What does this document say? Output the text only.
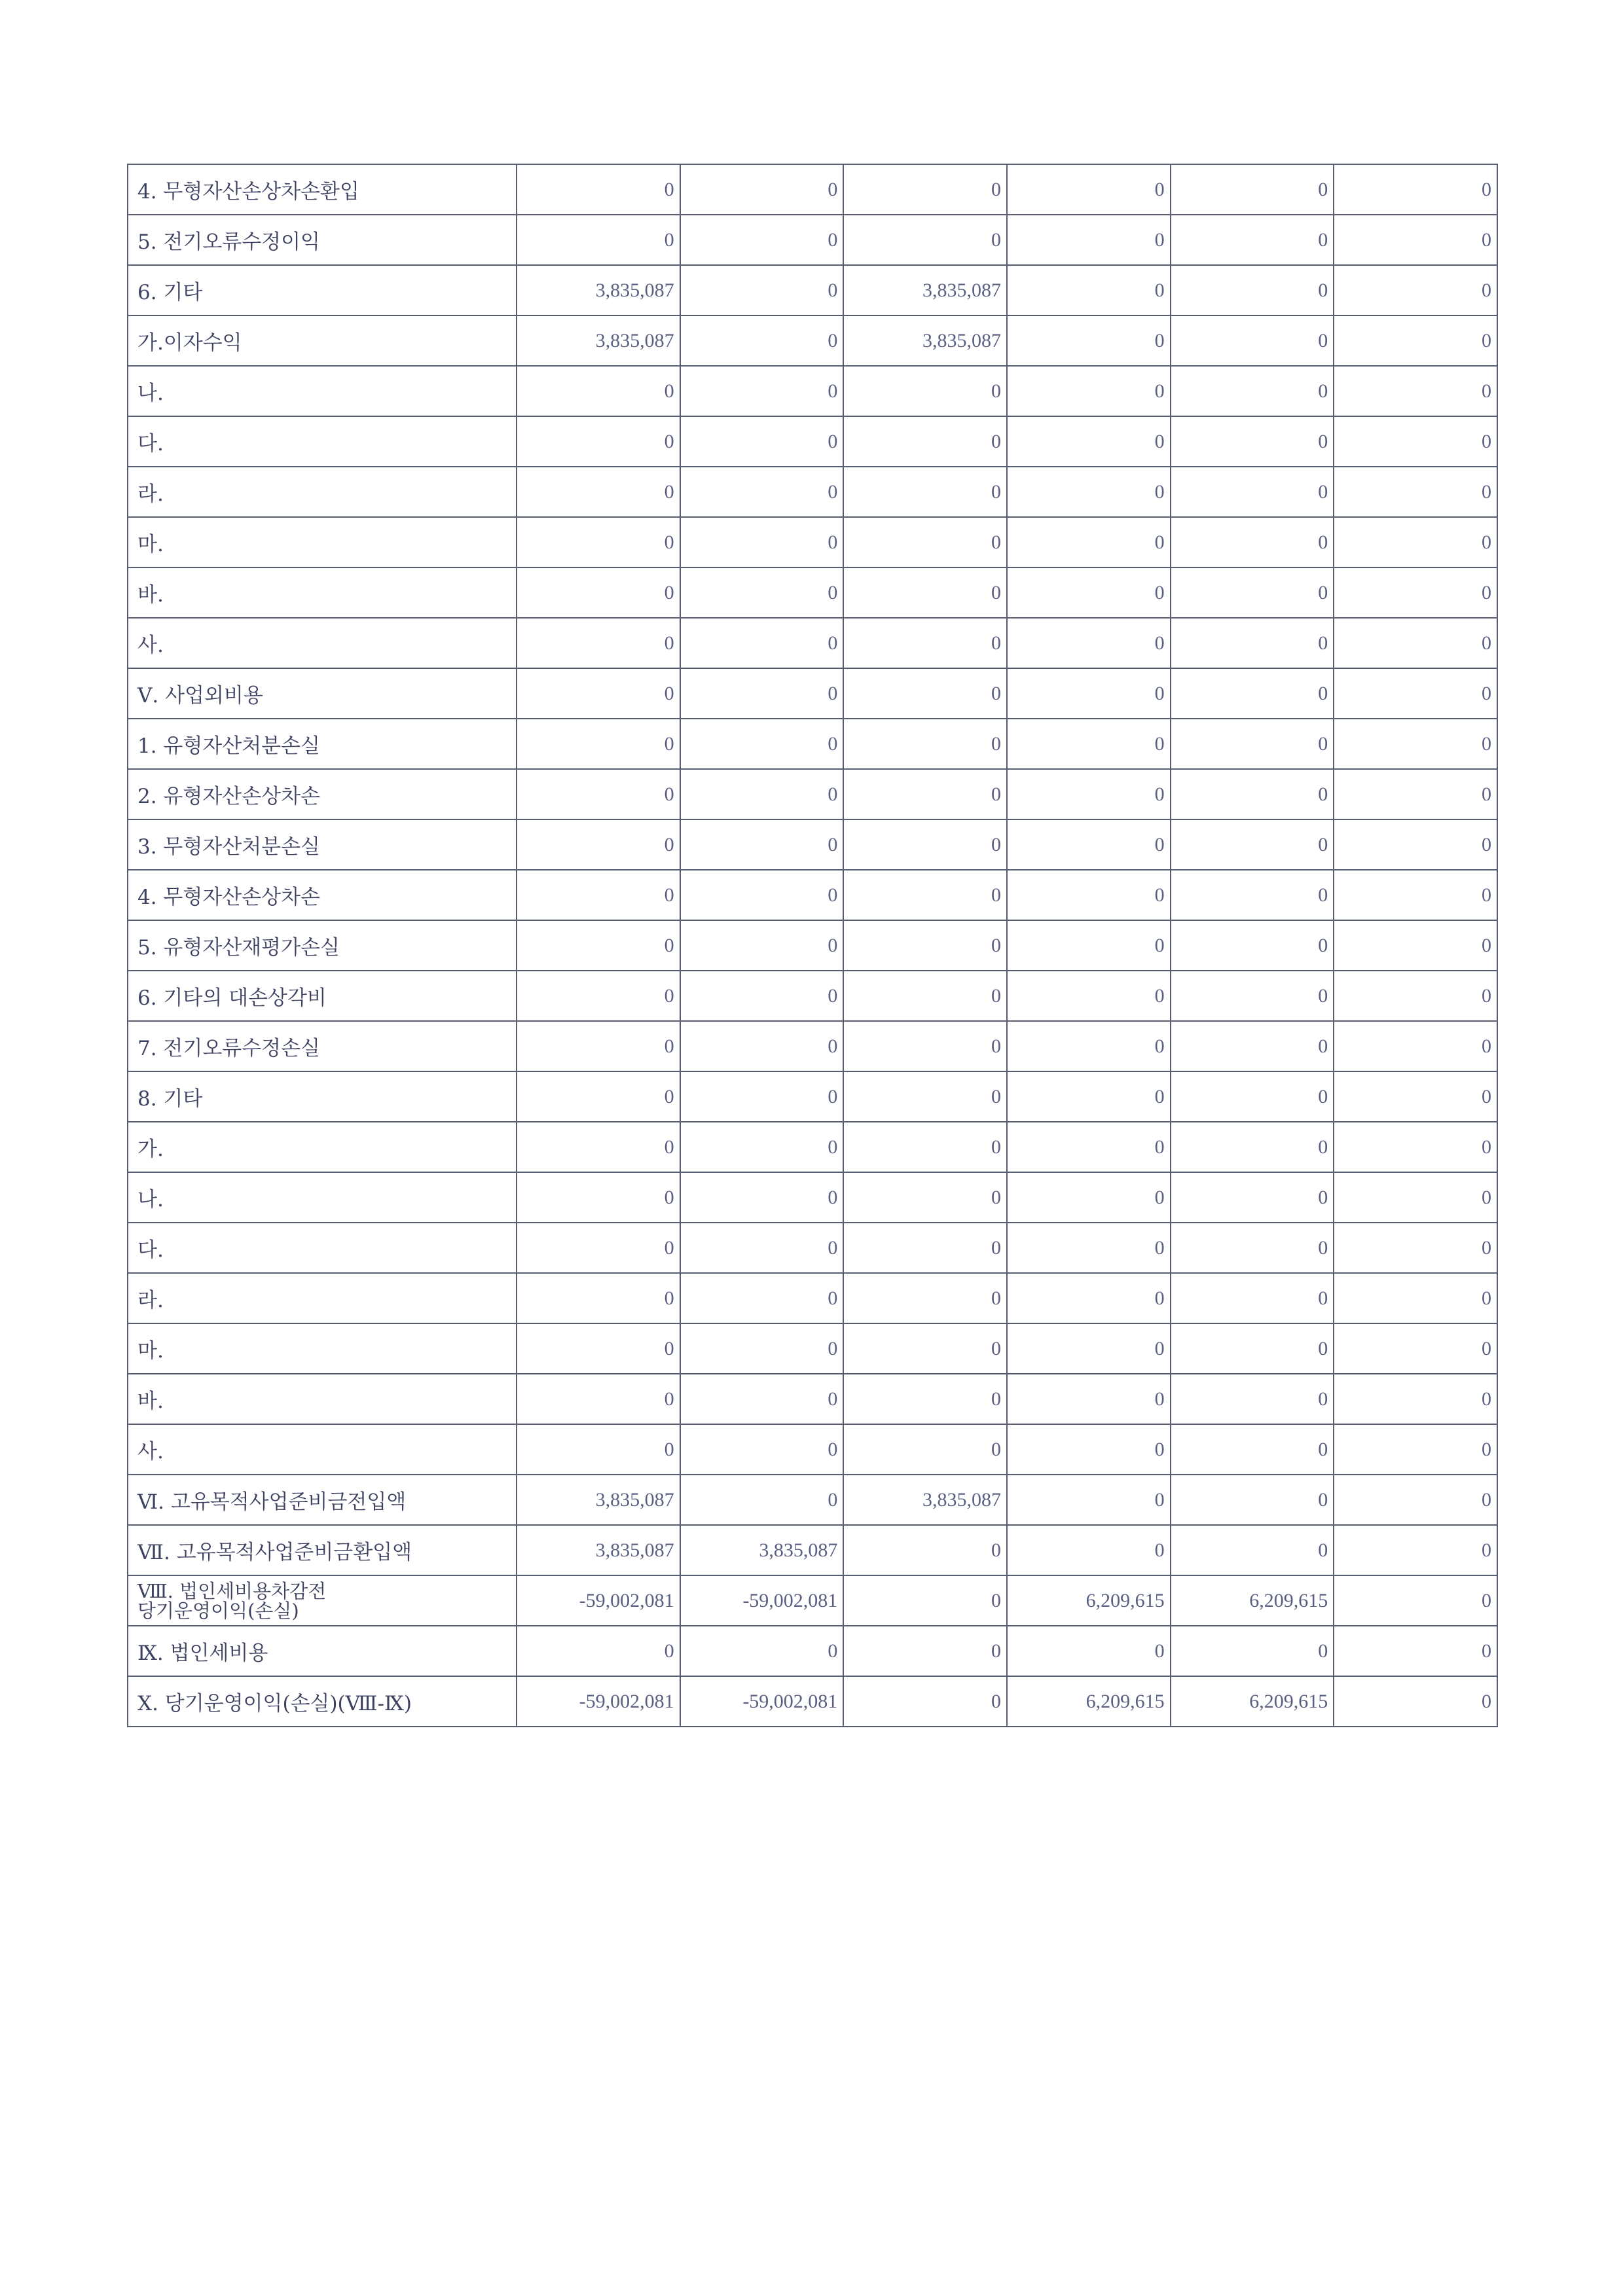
4. 무형자산손상차손환입	0	0	0	0	0	0
5. 전기오류수정이익	0	0	0	0	0	0
6. 기타	3,835,087	0	3,835,087	0	0	0
가.이자수익	3,835,087	0	3,835,087	0	0	0
나.	0	0	0	0	0	0
다.	0	0	0	0	0	0
라.	0	0	0	0	0	0
마.	0	0	0	0	0	0
바.	0	0	0	0	0	0
사.	0	0	0	0	0	0
Ⅴ. 사업외비용	0	0	0	0	0	0
1. 유형자산처분손실	0	0	0	0	0	0
2. 유형자산손상차손	0	0	0	0	0	0
3. 무형자산처분손실	0	0	0	0	0	0
4. 무형자산손상차손	0	0	0	0	0	0
5. 유형자산재평가손실	0	0	0	0	0	0
6. 기타의 대손상각비	0	0	0	0	0	0
7. 전기오류수정손실	0	0	0	0	0	0
8. 기타	0	0	0	0	0	0
가.	0	0	0	0	0	0
나.	0	0	0	0	0	0
다.	0	0	0	0	0	0
라.	0	0	0	0	0	0
마.	0	0	0	0	0	0
바.	0	0	0	0	0	0
사.	0	0	0	0	0	0
Ⅵ. 고유목적사업준비금전입액	3,835,087	0	3,835,087	0	0	0
Ⅶ. 고유목적사업준비금환입액	3,835,087	3,835,087	0	0	0	0

Ⅷ. 법인세비용차감전
당기운영이익(손실)	-59,002,081	-59,002,081	0	6,209,615	6,209,615	0
Ⅸ. 법인세비용	0	0	0	0	0	0
Ⅹ. 당기운영이익(손실)(Ⅷ-Ⅸ)	-59,002,081	-59,002,081	0	6,209,615	6,209,615	0
